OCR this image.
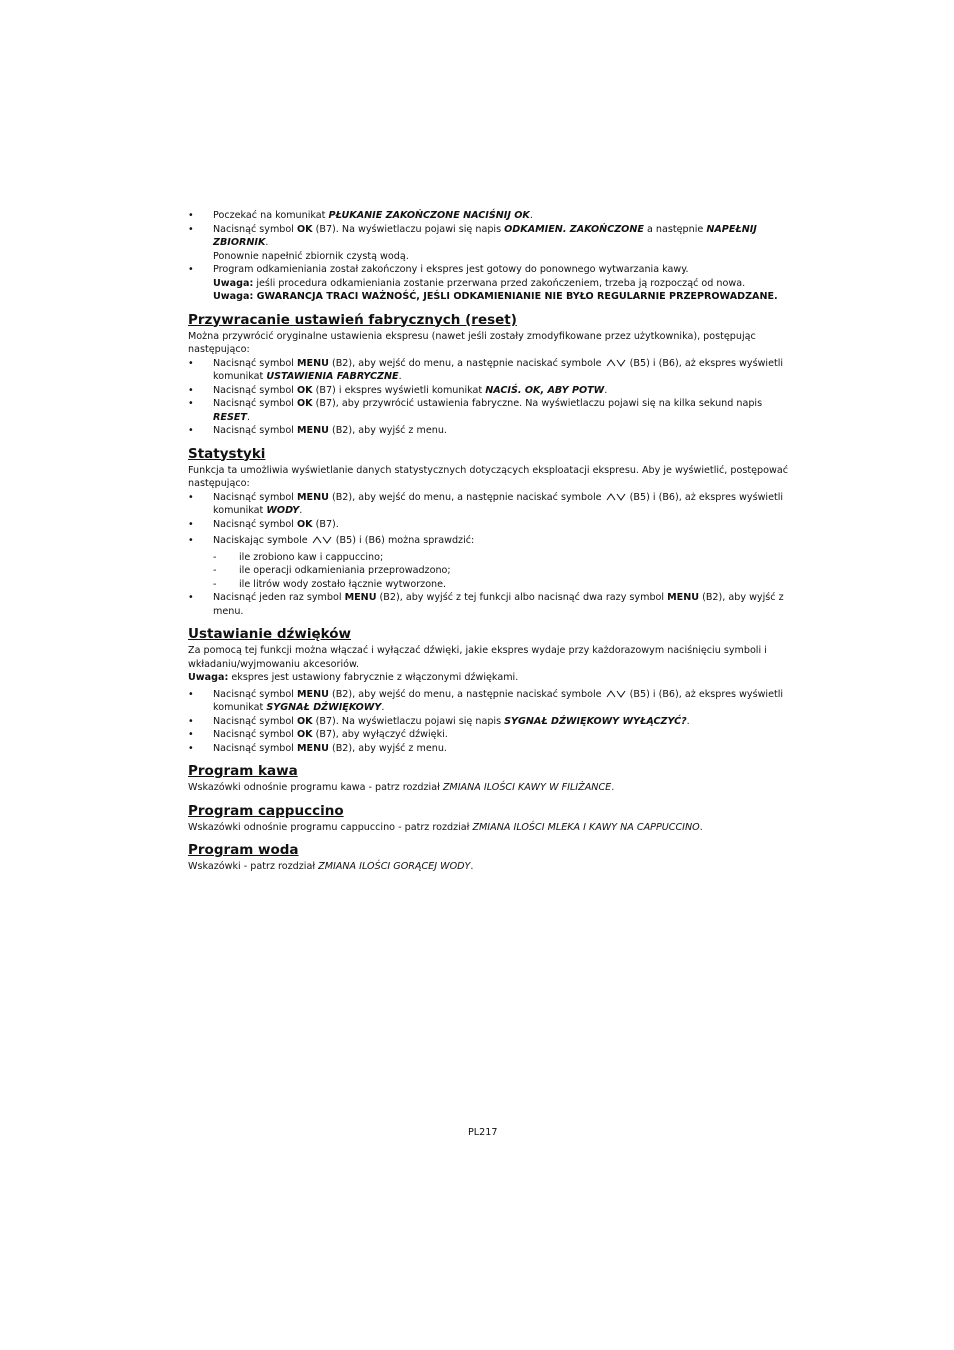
• Poczekać na komunikat PŁUKANIE ZAKOŃCZONE NACIŚNIJ OK.
• Nacisnąć symbol OK (B7). Na wyświetlaczu pojawi się napis ODKAMIEN. ZAKOŃCZONE a następnie NAPEŁNIJ ZBIORNIK.
Ponownie napełnić zbiornik czystą wodą.
• Program odkamieniania został zakończony i ekspres jest gotowy do ponownego wytwarzania kawy.
Uwaga: jeśli procedura odkamieniania zostanie przerwana przed zakończeniem, trzeba ją rozpocząć od nowa.
Uwaga: GWARANCJA TRACI WAŻNOŚĆ, JEŚLI ODKAMIENIANIE NIE BYŁO REGULARNIE PRZEPROWADZANE.
Przywracanie ustawień fabrycznych (reset)

Można przywrócić oryginalne ustawienia ekspresu (nawet jeśli zostały zmodyfikowane przez użytkownika), postępując następująco:

• Nacisnąć symbol MENU (B2), aby wejść do menu, a następnie naciskać symbole  (B5) i (B6), aż ekspres wyświetli komunikat USTAWIENIA FABRYCZNE.
• Nacisnąć symbol OK (B7) i ekspres wyświetli komunikat NACIŚ. OK, ABY POTW.
• Nacisnąć symbol OK (B7), aby przywrócić ustawienia fabryczne. Na wyświetlaczu pojawi się na kilka sekund napis RESET.
• Nacisnąć symbol MENU (B2), aby wyjść z menu.
Statystyki

Funkcja ta umożliwia wyświetlanie danych statystycznych dotyczących eksploatacji ekspresu. Aby je wyświetlić, postępować następująco:

• Nacisnąć symbol MENU (B2), aby wejść do menu, a następnie naciskać symbole  (B5) i (B6), aż ekspres wyświetli komunikat WODY.
• Nacisnąć symbol OK (B7).
• Naciskając symbole  (B5) i (B6) można sprawdzić:
- ile zrobiono kaw i cappuccino;
- ile operacji odkamieniania przeprowadzono;
- ile litrów wody zostało łącznie wytworzone.
• Nacisnąć jeden raz symbol MENU (B2), aby wyjść z tej funkcji albo nacisnąć dwa razy symbol MENU (B2), aby wyjść z menu.
Ustawianie dźwięków

Za pomocą tej funkcji można włączać i wyłączać dźwięki, jakie ekspres wydaje przy każdorazowym naciśnięciu symboli i wkładaniu/wyjmowaniu akcesoriów.

Uwaga: ekspres jest ustawiony fabrycznie z włączonymi dźwiękami.

• Nacisnąć symbol MENU (B2), aby wejść do menu, a następnie naciskać symbole  (B5) i (B6), aż ekspres wyświetli komunikat SYGNAŁ DŹWIĘKOWY.
• Nacisnąć symbol OK (B7). Na wyświetlaczu pojawi się napis SYGNAŁ DŹWIĘKOWY WYŁĄCZYĆ?.
• Nacisnąć symbol OK (B7), aby wyłączyć dźwięki.
• Nacisnąć symbol MENU (B2), aby wyjść z menu.
Program kawa

Wskazówki odnośnie programu kawa - patrz rozdział ZMIANA ILOŚCI KAWY W FILIŻANCE.

Program cappuccino

Wskazówki odnośnie programu cappuccino - patrz rozdział ZMIANA ILOŚCI MLEKA I KAWY NA CAPPUCCINO.

Program woda

Wskazówki - patrz rozdział ZMIANA ILOŚCI GORĄCEJ WODY.

PL217
